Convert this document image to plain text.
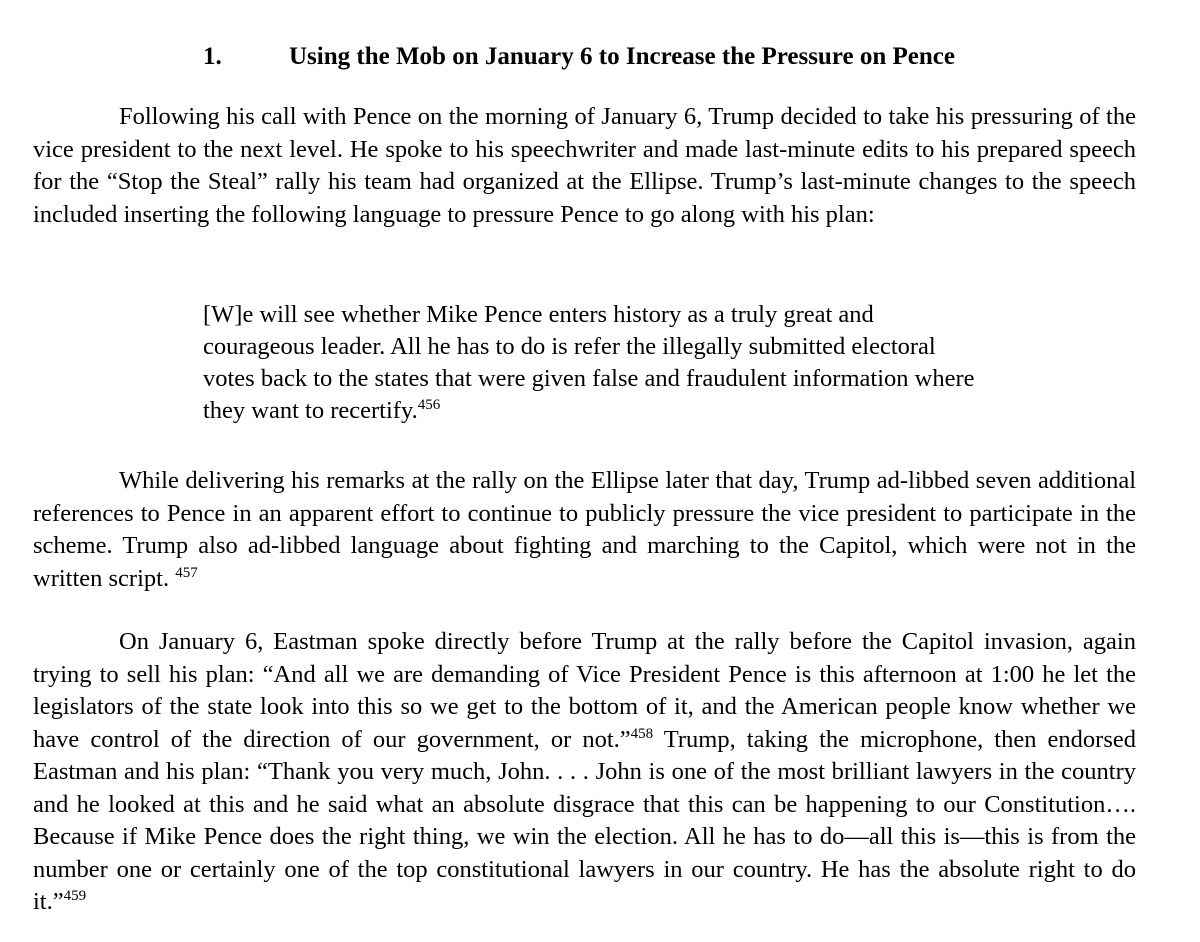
1.	Using the Mob on January 6 to Increase the Pressure on Pence

Following his call with Pence on the morning of January 6, Trump decided to take his pressuring of the vice president to the next level. He spoke to his speechwriter and made last-minute edits to his prepared speech for the “Stop the Steal” rally his team had organized at the Ellipse. Trump’s last-minute changes to the speech included inserting the following language to pressure Pence to go along with his plan:

[W]e will see whether Mike Pence enters history as a truly great and courageous leader. All he has to do is refer the illegally submitted electoral votes back to the states that were given false and fraudulent information where they want to recertify.$^{456}$

While delivering his remarks at the rally on the Ellipse later that day, Trump ad-libbed seven additional references to Pence in an apparent effort to continue to publicly pressure the vice president to participate in the scheme. Trump also ad-libbed language about fighting and marching to the Capitol, which were not in the written script. $^{457}$

On January 6, Eastman spoke directly before Trump at the rally before the Capitol invasion, again trying to sell his plan: “And all we are demanding of Vice President Pence is this afternoon at 1:00 he let the legislators of the state look into this so we get to the bottom of it, and the American people know whether we have control of the direction of our government, or not.”$^{458}$ Trump, taking the microphone, then endorsed Eastman and his plan: “Thank you very much, John. . . . John is one of the most brilliant lawyers in the country and he looked at this and he said what an absolute disgrace that this can be happening to our Constitution…. Because if Mike Pence does the right thing, we win the election. All he has to do—all this is—this is from the number one or certainly one of the top constitutional lawyers in our country. He has the absolute right to do it.”$^{459}$
